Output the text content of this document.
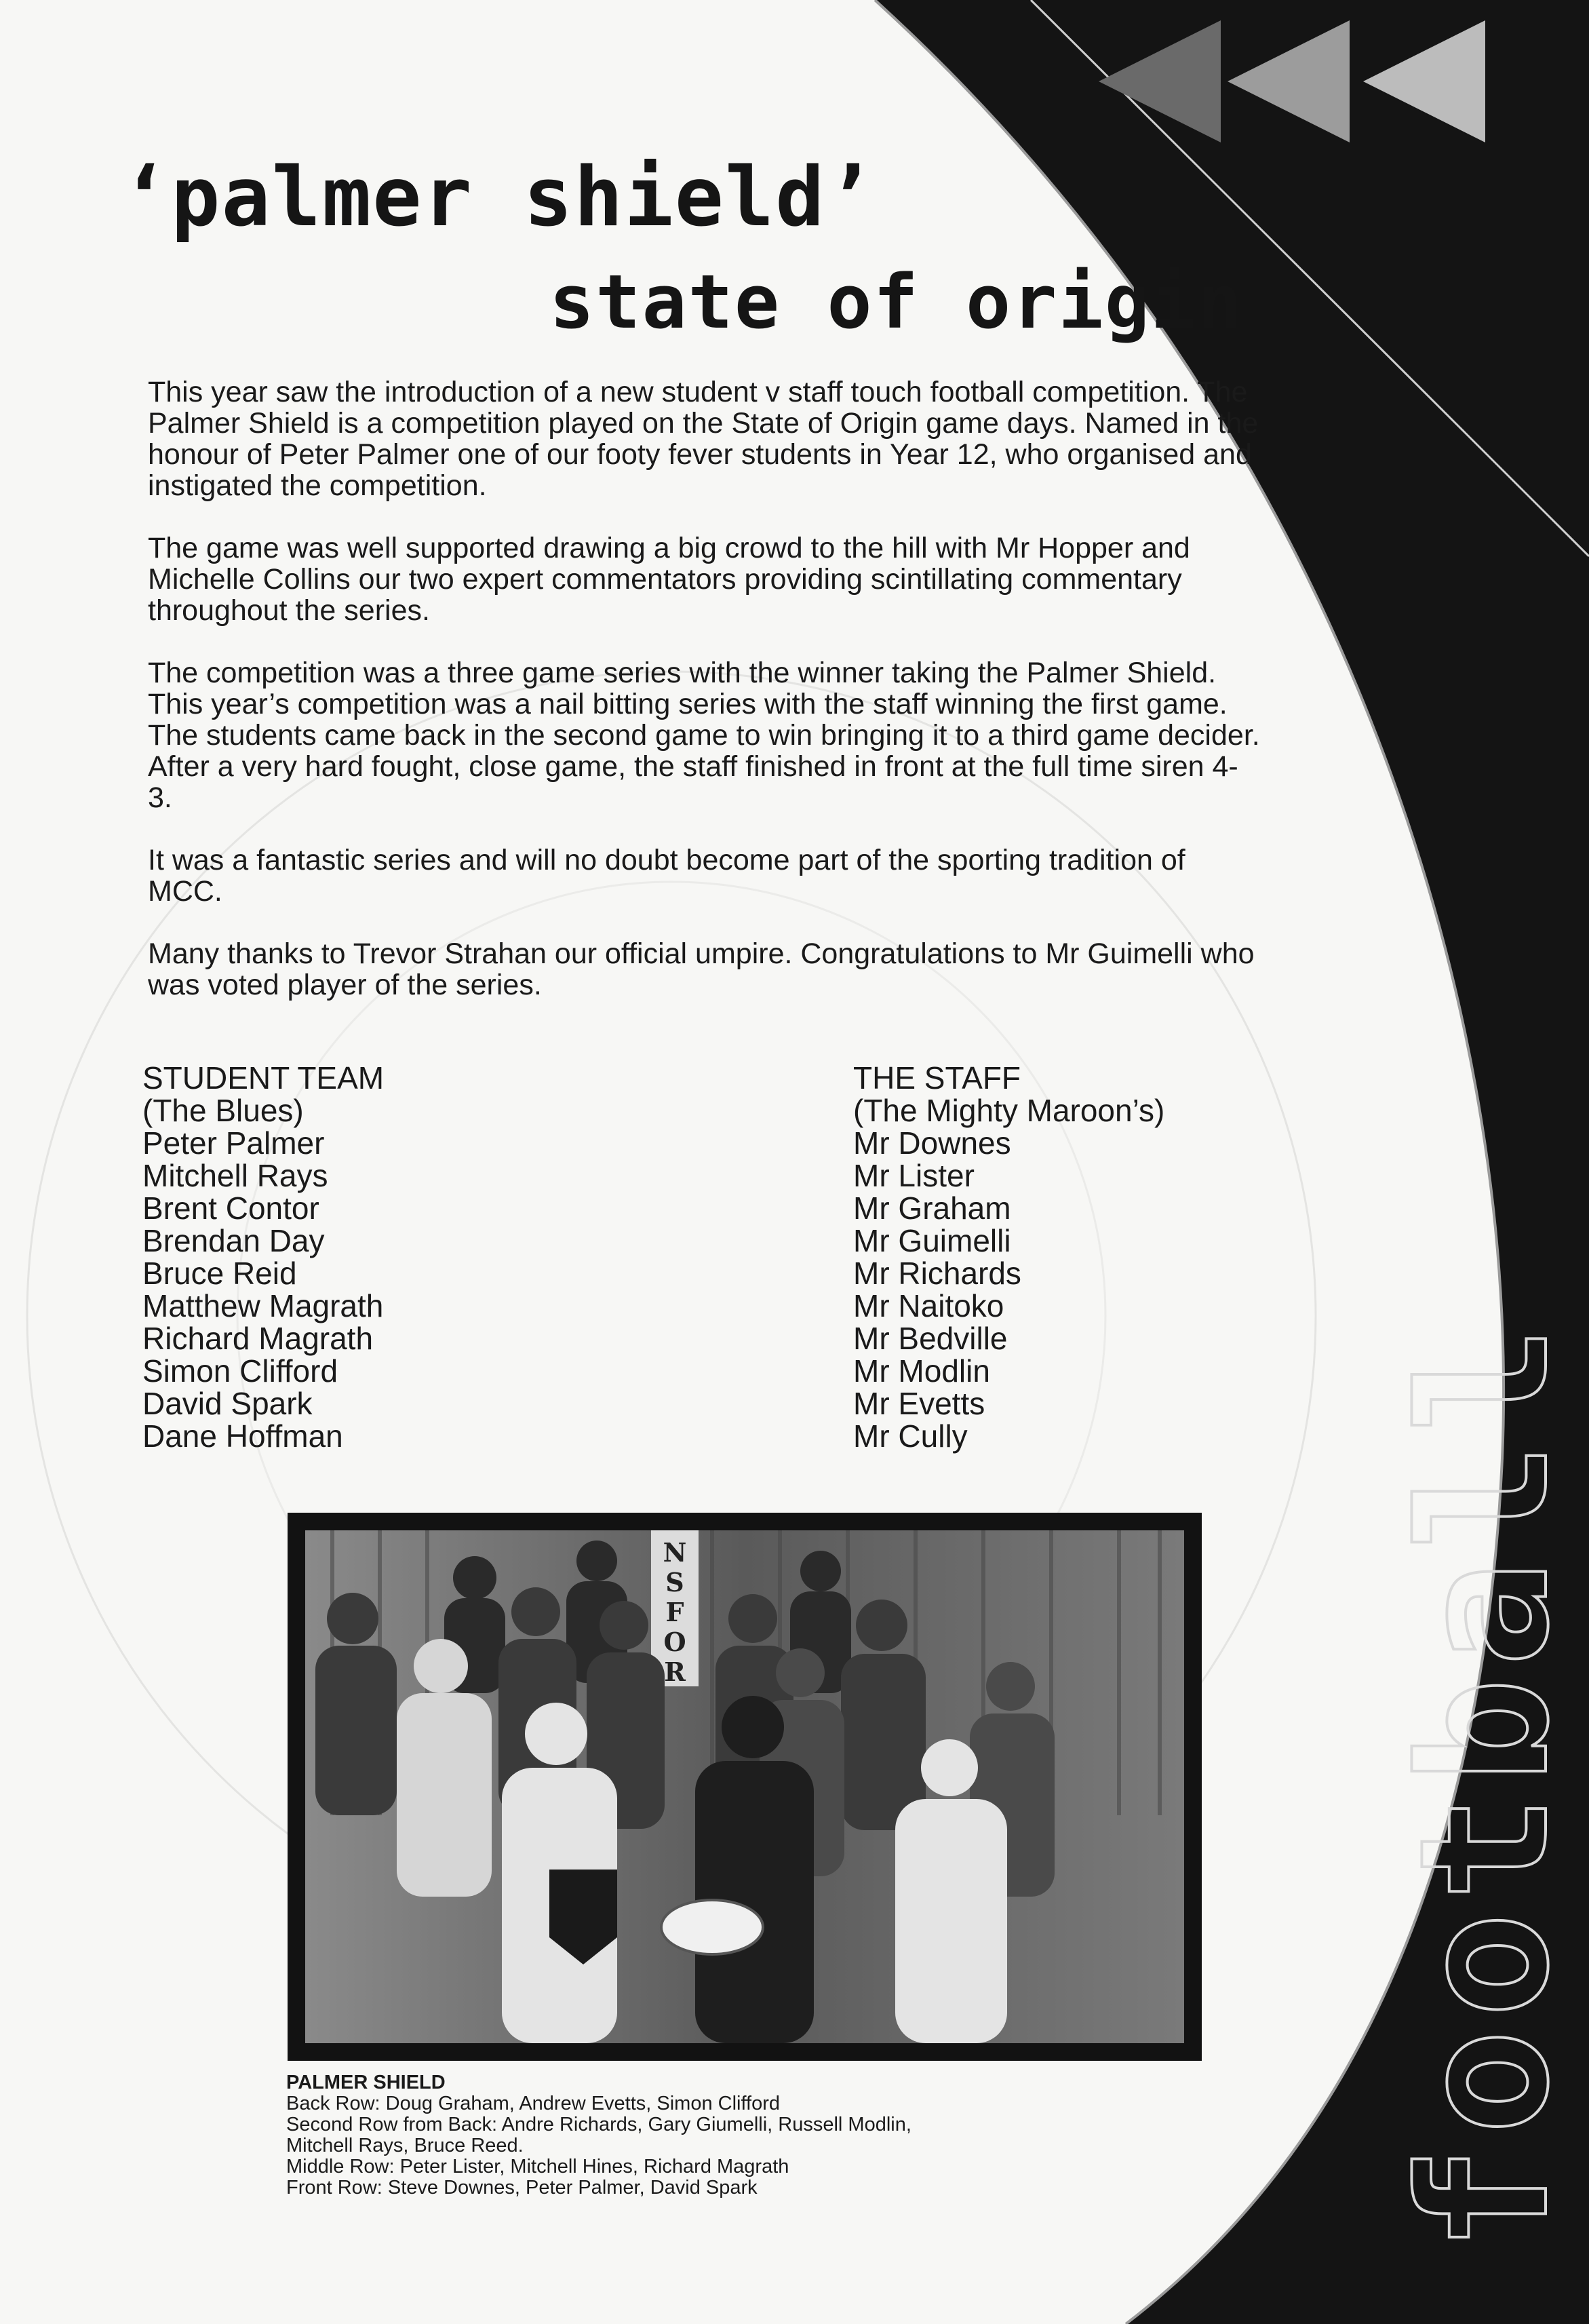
football
‘palmer shield’
state of origin

This year saw the introduction of a new student v staff touch football competition. The Palmer Shield is a competition played on the State of Origin game days. Named in the honour of Peter Palmer one of our footy fever students in Year 12, who organised and instigated the competition.

The game was well supported drawing a big crowd to the hill with Mr Hopper and Michelle Collins our two expert commentators providing scintillating commentary throughout the series.

The competition was a three game series with the winner taking the Palmer Shield. This year’s competition was a nail bitting series with the staff winning the first game. The students came back in the second game to win bringing it to a third game decider. After a very hard fought, close game, the staff finished in front at the full time siren 4-3.

It was a fantastic series and will no doubt become part of the sporting tradition of MCC.

Many thanks to Trevor Strahan our official umpire. Congratulations to Mr Guimelli who was voted player of the series.

STUDENT TEAM
(The Blues)
Peter Palmer
Mitchell Rays
Brent Contor
Brendan Day
Bruce Reid
Matthew Magrath
Richard Magrath
Simon Clifford
David Spark
Dane Hoffman
THE STAFF
(The Mighty Maroon’s)
Mr Downes
Mr Lister
Mr Graham
Mr Guimelli
Mr Richards
Mr Naitoko
Mr Bedville
Mr Modlin
Mr Evetts
Mr Cully
N
S
F
O
R
PALMER SHIELD
Back Row: Doug Graham, Andrew Evetts, Simon Clifford
Second Row from Back: Andre Richards, Gary Giumelli, Russell Modlin,
Mitchell Rays, Bruce Reed.
Middle Row: Peter Lister, Mitchell Hines, Richard Magrath
Front Row: Steve Downes, Peter Palmer, David Spark
